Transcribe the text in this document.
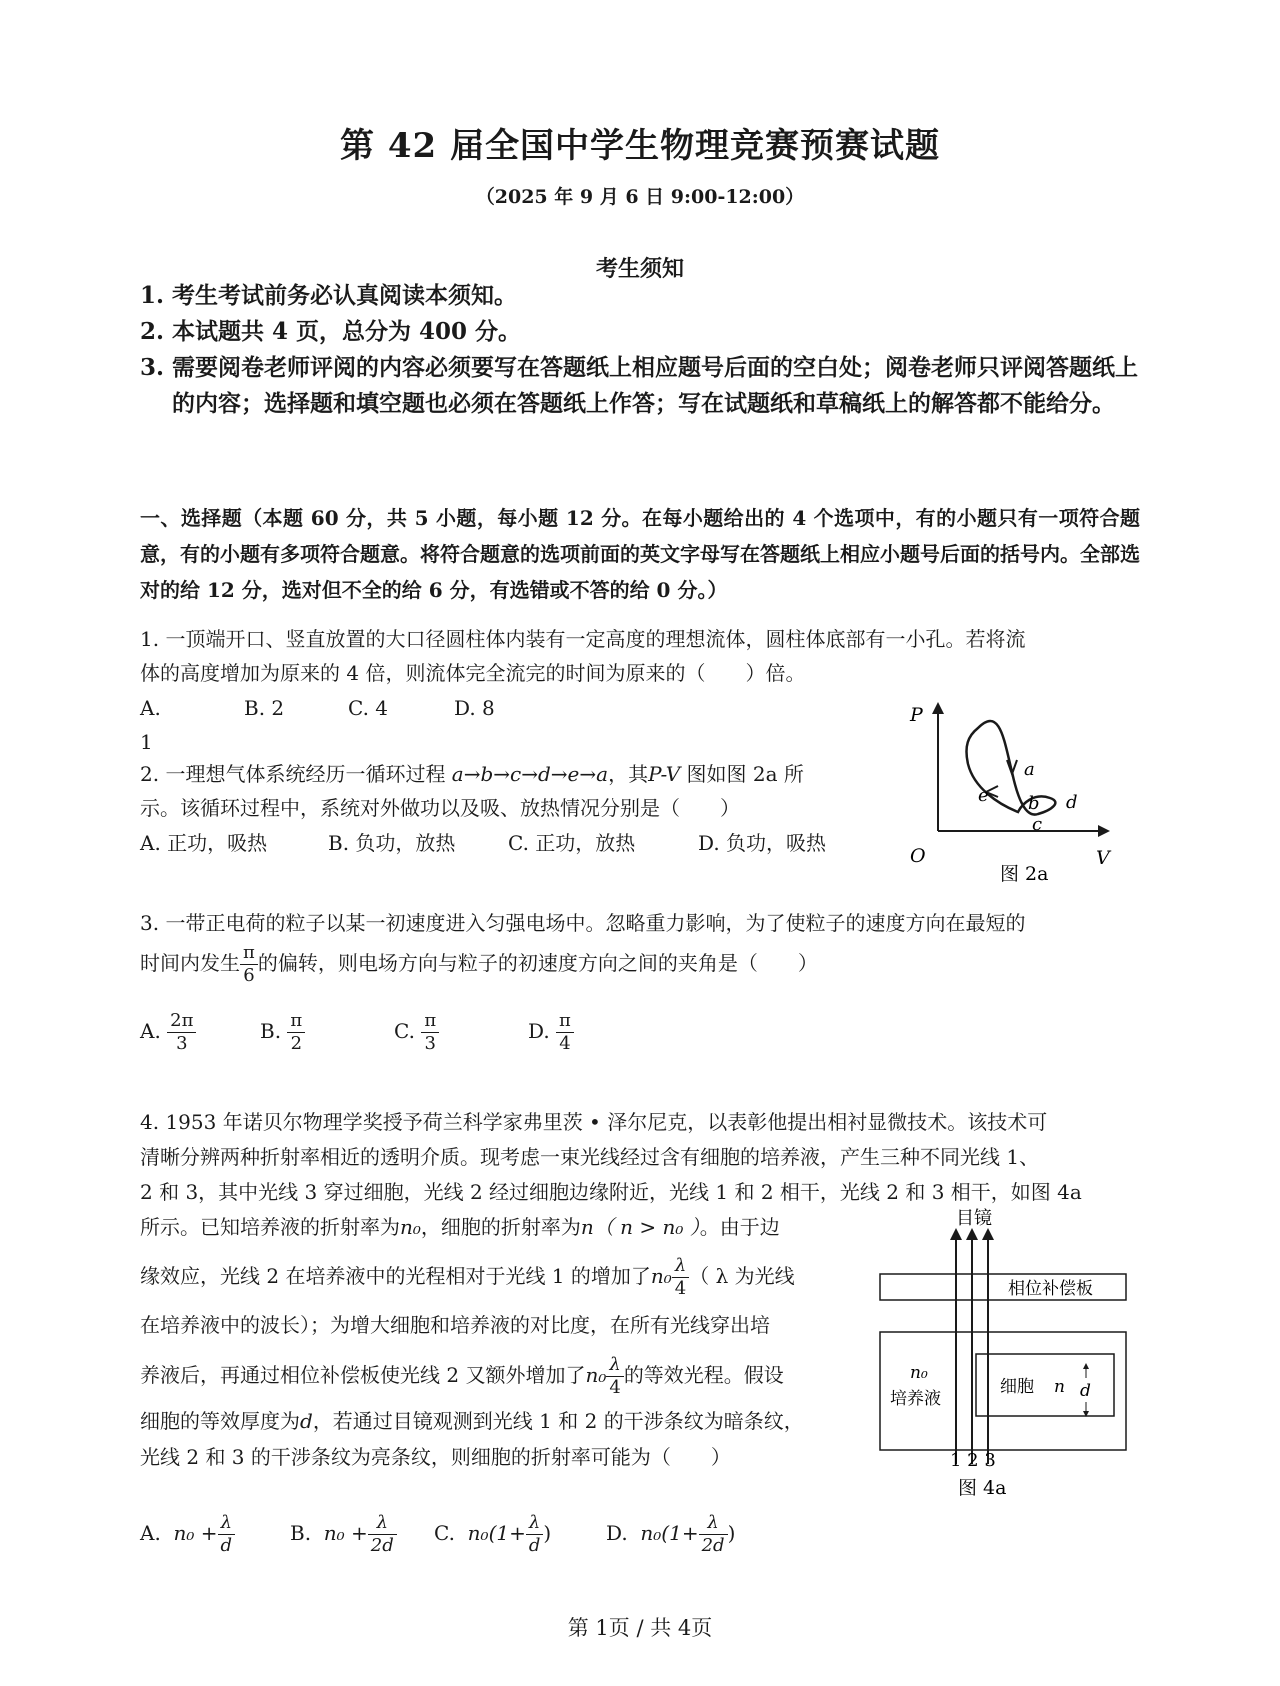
第 42 届全国中学生物理竞赛预赛试题
（2025 年 9 月 6 日 9:00-12:00）
考生须知
1. 考生考试前务必认真阅读本须知。
2. 本试题共 4 页，总分为 400 分。
3. 需要阅卷老师评阅的内容必须要写在答题纸上相应题号后面的空白处；阅卷老师只评阅答题纸上的内容；选择题和填空题也必须在答题纸上作答；写在试题纸和草稿纸上的解答都不能给分。
一、选择题（本题 60 分，共 5 小题，每小题 12 分。在每小题给出的 4 个选项中，有的小题只有一项符合题意，有的小题有多项符合题意。将符合题意的选项前面的英文字母写在答题纸上相应小题号后面的括号内。全部选对的给 12 分，选对但不全的给 6 分，有选错或不答的给 0 分。）
1. 一顶端开口、竖直放置的大口径圆柱体内装有一定高度的理想流体，圆柱体底部有一小孔。若将流
体的高度增加为原来的 4 倍，则流体完全流完的时间为原来的（　　）倍。
A. 1
B. 2	C. 4	D. 8
2. 一理想气体系统经历一循环过程 a→b→c→d→e→a，其P-V 图如图 2a 所
示。该循环过程中，系统对外做功以及吸、放热情况分别是（　　）
A. 正功，吸热	B. 负功，放热	C. 正功，放热	D. 负功，吸热
P
O	V
a
b
c
d
e
图 2a
3. 一带正电荷的粒子以某一初速度进入匀强电场中。忽略重力影响，为了使粒子的速度方向在最短的
时间内发生 $\frac{\pi}{6}$ 的偏转，则电场方向与粒子的初速度方向之间的夹角是（　　）
A. $\frac{2\pi}{3}$	B. $\frac{\pi}{2}$	C. $\frac{\pi}{3}$	D. $\frac{\pi}{4}$
4. 1953 年诺贝尔物理学奖授予荷兰科学家弗里茨 • 泽尔尼克，以表彰他提出相衬显微技术。该技术可
清晰分辨两种折射率相近的透明介质。现考虑一束光线经过含有细胞的培养液，产生三种不同光线 1、
2 和 3，其中光线 3 穿过细胞，光线 2 经过细胞边缘附近，光线 1 和 2 相干，光线 2 和 3 相干，如图 4a
所示。已知培养液的折射率为n₀，细胞的折射率为n（ n > n₀ ）。由于边
缘效应，光线 2 在培养液中的光程相对于光线 1 的增加了$n_0 \frac{\lambda}{4}$ （ λ 为光线
在培养液中的波长）；为增大细胞和培养液的对比度，在所有光线穿出培
养液后，再通过相位补偿板使光线 2 又额外增加了$n_0 \frac{\lambda}{4}$ 的等效光程。假设
细胞的等效厚度为d，若通过目镜观测到光线 1 和 2 的干涉条纹为暗条纹，
光线 2 和 3 的干涉条纹为亮条纹，则细胞的折射率可能为（　　）
A. $n_0 + \frac{\lambda}{d}$	B. $n_0 + \frac{\lambda}{2d} C$. $n_0(1+ \frac{\lambda}{d}$ )	D. $n_0(1+ \frac{\lambda}{2d}$ )
目镜
相位补偿板
n₀
培养液
细胞 n d
1 2 3
图 4a
第 1页 / 共 4页
